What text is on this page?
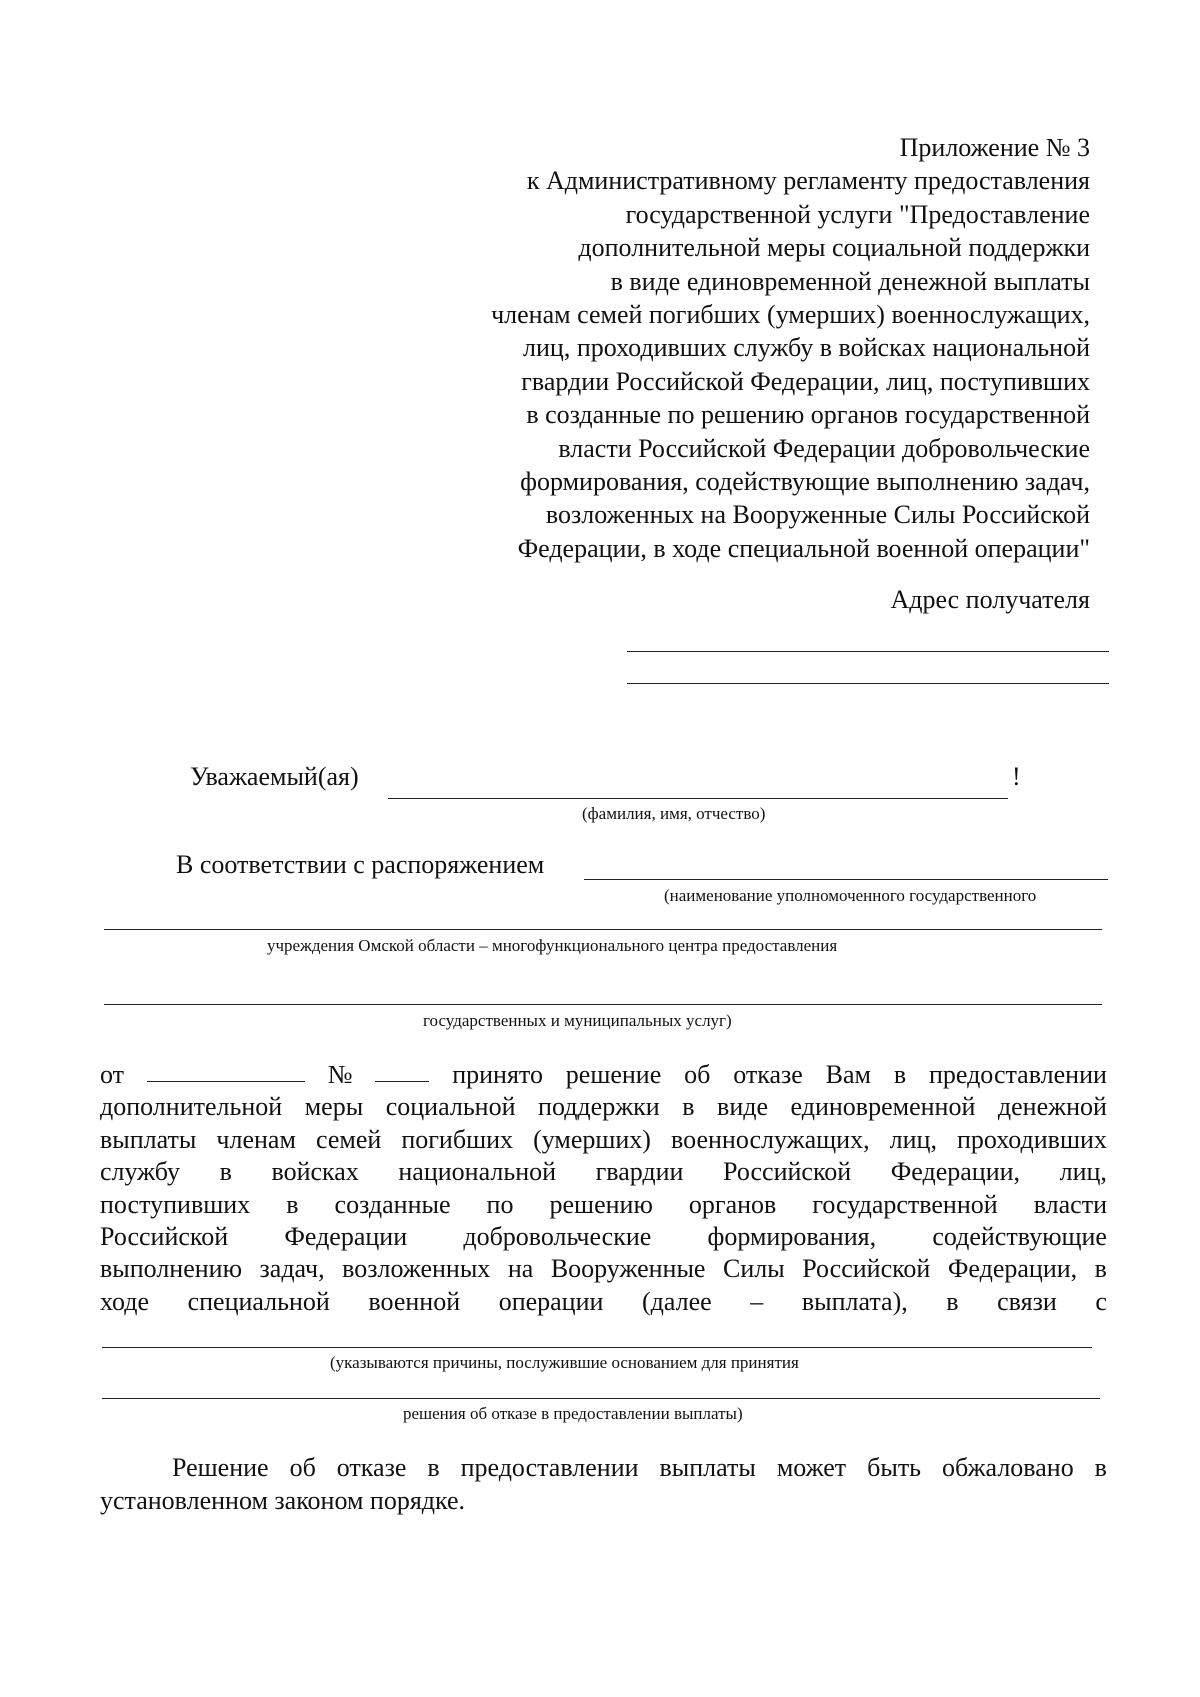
Приложение № 3
к Административному регламенту предоставления
государственной услуги "Предоставление
дополнительной меры социальной поддержки
в виде единовременной денежной выплаты
членам семей погибших (умерших) военнослужащих,
лиц, проходивших службу в войсках национальной
гвардии Российской Федерации, лиц, поступивших
в созданные по решению органов государственной
власти Российской Федерации добровольческие
формирования, содействующие выполнению задач,
возложенных на Вооруженные Силы Российской
Федерации, в ходе специальной военной операции"
Адрес получателя
Уважаемый(ая)	!
(фамилия, имя, отчество)
В соответствии с распоряжением
(наименование уполномоченного государственного
учреждения Омской области – многофункционального центра предоставления
государственных и муниципальных услуг)
от	№	принято решение об отказе Вам в предоставлении
дополнительной меры социальной поддержки в виде единовременной денежной
выплаты членам семей погибших (умерших) военнослужащих, лиц, проходивших
службу в войсках национальной гвардии Российской Федерации, лиц,
поступивших в созданные по решению органов государственной власти
Российской Федерации добровольческие формирования, содействующие
выполнению задач, возложенных на Вооруженные Силы Российской Федерации, в
ходе специальной военной операции (далее – выплата), в связи с
(указываются причины, послужившие основанием для принятия
решения об отказе в предоставлении выплаты)
Решение об отказе в предоставлении выплаты может быть обжаловано в
установленном законом порядке.
